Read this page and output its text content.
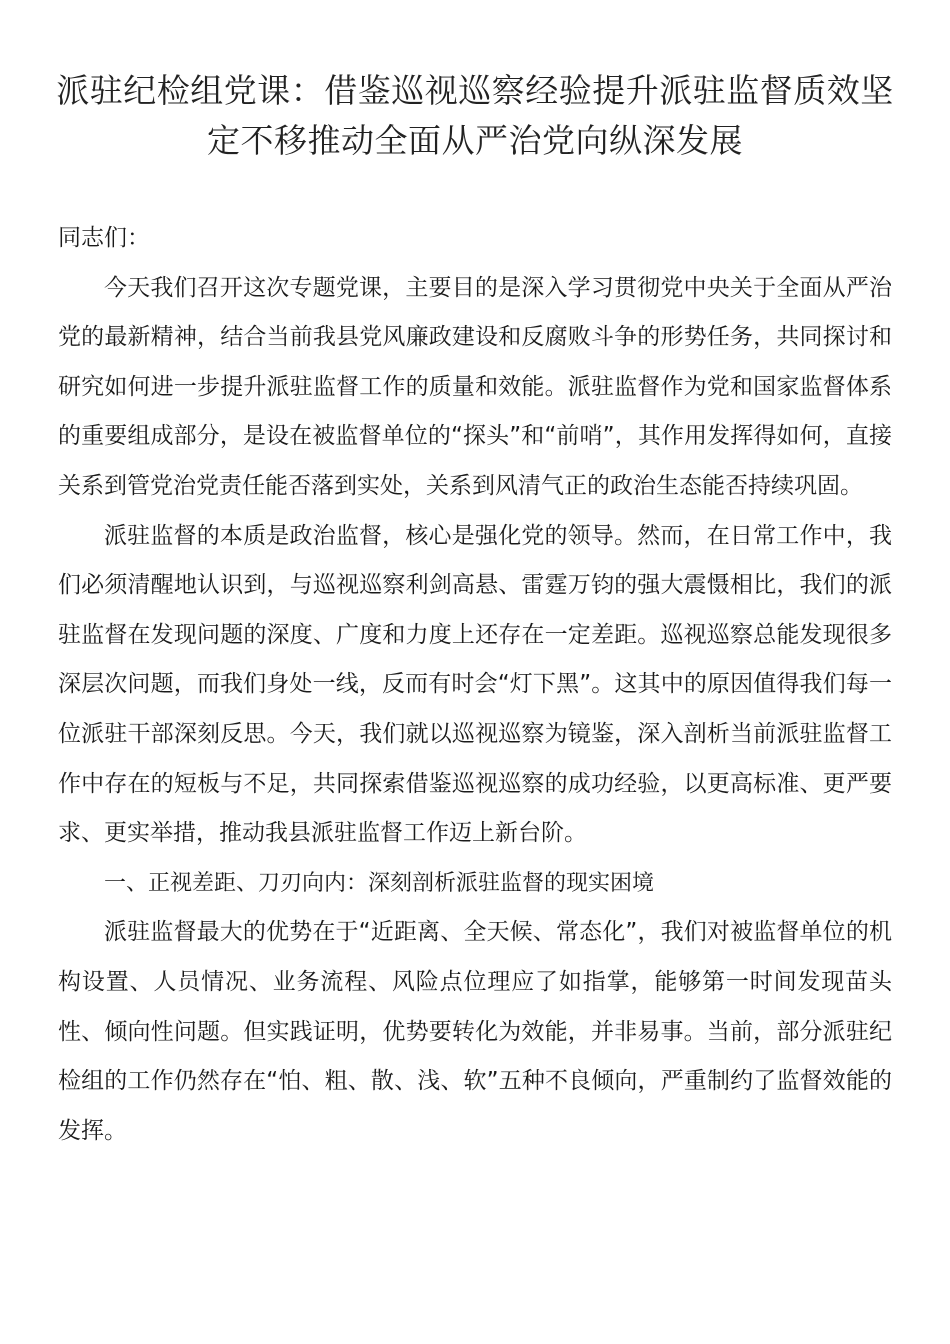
派驻纪检组党课：借鉴巡视巡察经验提升派驻监督质效坚定不移推动全面从严治党向纵深发展

同志们：

今天我们召开这次专题党课，主要目的是深入学习贯彻党中央关于全面从严治党的最新精神，结合当前我县党风廉政建设和反腐败斗争的形势任务，共同探讨和研究如何进一步提升派驻监督工作的质量和效能。派驻监督作为党和国家监督体系的重要组成部分，是设在被监督单位的“探头”和“前哨”，其作用发挥得如何，直接关系到管党治党责任能否落到实处，关系到风清气正的政治生态能否持续巩固。

派驻监督的本质是政治监督，核心是强化党的领导。然而，在日常工作中，我们必须清醒地认识到，与巡视巡察利剑高悬、雷霆万钧的强大震慑相比，我们的派驻监督在发现问题的深度、广度和力度上还存在一定差距。巡视巡察总能发现很多深层次问题，而我们身处一线，反而有时会“灯下黑”。这其中的原因值得我们每一位派驻干部深刻反思。今天，我们就以巡视巡察为镜鉴，深入剖析当前派驻监督工作中存在的短板与不足，共同探索借鉴巡视巡察的成功经验，以更高标准、更严要求、更实举措，推动我县派驻监督工作迈上新台阶。

一、正视差距、刀刃向内：深刻剖析派驻监督的现实困境

派驻监督最大的优势在于“近距离、全天候、常态化”，我们对被监督单位的机构设置、人员情况、业务流程、风险点位理应了如指掌，能够第一时间发现苗头性、倾向性问题。但实践证明，优势要转化为效能，并非易事。当前，部分派驻纪检组的工作仍然存在“怕、粗、散、浅、软”五种不良倾向，严重制约了监督效能的发挥。
